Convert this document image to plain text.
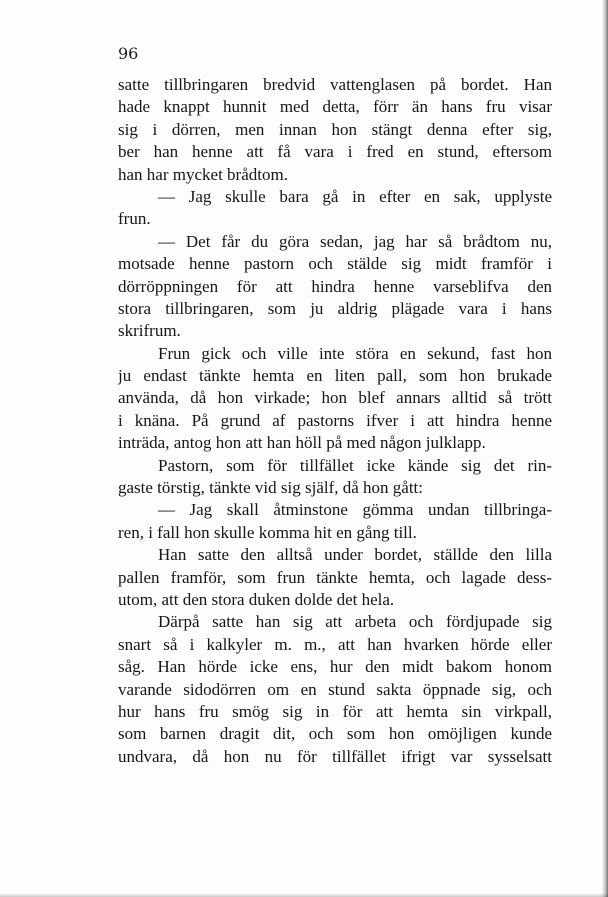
96
satte tillbringaren bredvid vattenglasen på bordet. Han
hade knappt hunnit med detta, förr än hans fru visar
sig i dörren, men innan hon stängt denna efter sig,
ber han henne att få vara i fred en stund, eftersom
han har mycket brådtom.
— Jag skulle bara gå in efter en sak, upplyste
frun.
— Det får du göra sedan, jag har så brådtom nu,
motsade henne pastorn och stälde sig midt framför i
dörröppningen för att hindra henne varseblifva den
stora tillbringaren, som ju aldrig plägade vara i hans
skrifrum.
Frun gick och ville inte störa en sekund, fast hon
ju endast tänkte hemta en liten pall, som hon brukade
använda, då hon virkade; hon blef annars alltid så trött
i knäna. På grund af pastorns ifver i att hindra henne
inträda, antog hon att han höll på med någon julklapp.
Pastorn, som för tillfället icke kände sig det rin-
gaste törstig, tänkte vid sig själf, då hon gått:
— Jag skall åtminstone gömma undan tillbringa-
ren, i fall hon skulle komma hit en gång till.
Han satte den alltså under bordet, ställde den lilla
pallen framför, som frun tänkte hemta, och lagade dess-
utom, att den stora duken dolde det hela.
Därpå satte han sig att arbeta och fördjupade sig
snart så i kalkyler m. m., att han hvarken hörde eller
såg. Han hörde icke ens, hur den midt bakom honom
varande sidodörren om en stund sakta öppnade sig, och
hur hans fru smög sig in för att hemta sin virkpall,
som barnen dragit dit, och som hon omöjligen kunde
undvara, då hon nu för tillfället ifrigt var sysselsatt
